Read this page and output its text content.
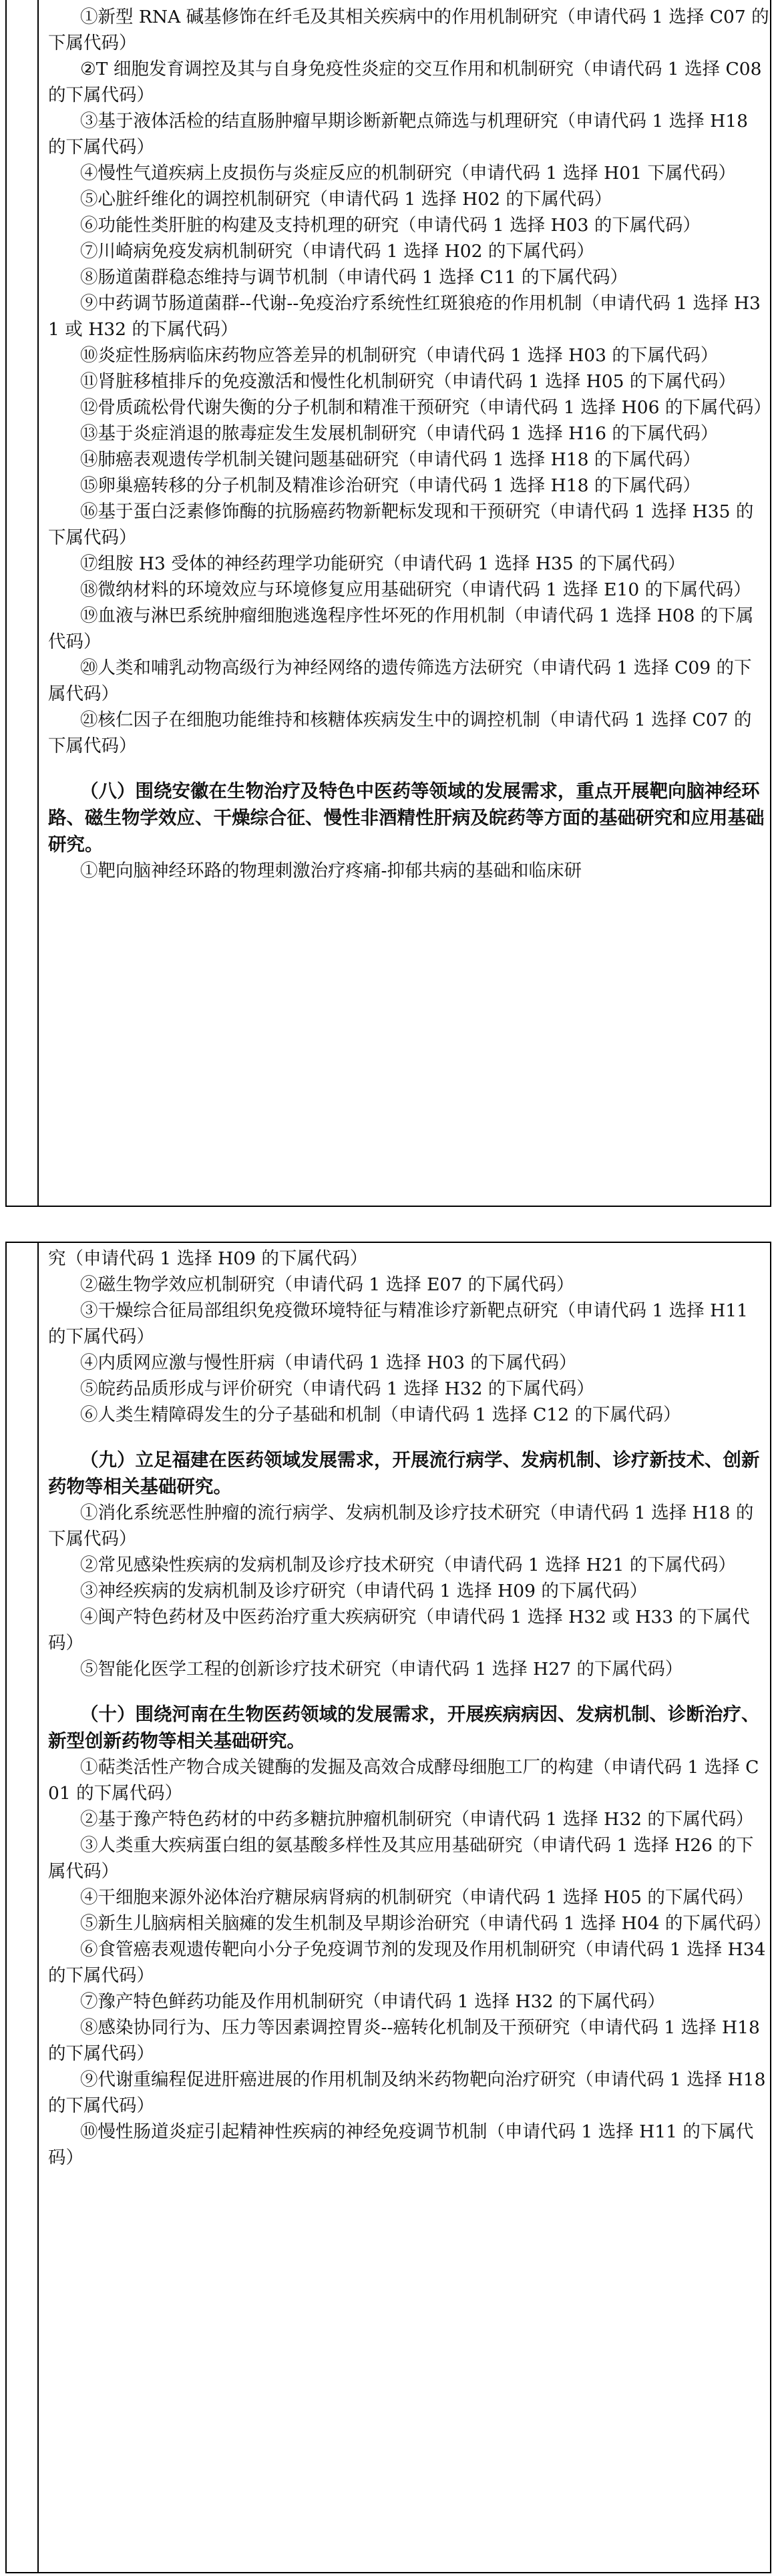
①新型 RNA 碱基修饰在纤毛及其相关疾病中的作用机制研究（申请代码 1 选择 C07 的下属代码）

②T 细胞发育调控及其与自身免疫性炎症的交互作用和机制研究（申请代码 1 选择 C08 的下属代码）

③基于液体活检的结直肠肿瘤早期诊断新靶点筛选与机理研究（申请代码 1 选择 H18 的下属代码）

④慢性气道疾病上皮损伤与炎症反应的机制研究（申请代码 1 选择 H01 下属代码）

⑤心脏纤维化的调控机制研究（申请代码 1 选择 H02 的下属代码）

⑥功能性类肝脏的构建及支持机理的研究（申请代码 1 选择 H03 的下属代码）

⑦川崎病免疫发病机制研究（申请代码 1 选择 H02 的下属代码）

⑧肠道菌群稳态维持与调节机制（申请代码 1 选择 C11 的下属代码）

⑨中药调节肠道菌群--代谢--免疫治疗系统性红斑狼疮的作用机制（申请代码 1 选择 H31 或 H32 的下属代码）

⑩炎症性肠病临床药物应答差异的机制研究（申请代码 1 选择 H03 的下属代码）

⑪肾脏移植排斥的免疫激活和慢性化机制研究（申请代码 1 选择 H05 的下属代码）

⑫骨质疏松骨代谢失衡的分子机制和精准干预研究（申请代码 1 选择 H06 的下属代码）

⑬基于炎症消退的脓毒症发生发展机制研究（申请代码 1 选择 H16 的下属代码）

⑭肺癌表观遗传学机制关键问题基础研究（申请代码 1 选择 H18 的下属代码）

⑮卵巢癌转移的分子机制及精准诊治研究（申请代码 1 选择 H18 的下属代码）

⑯基于蛋白泛素修饰酶的抗肠癌药物新靶标发现和干预研究（申请代码 1 选择 H35 的下属代码）

⑰组胺 H3 受体的神经药理学功能研究（申请代码 1 选择 H35 的下属代码）

⑱微纳材料的环境效应与环境修复应用基础研究（申请代码 1 选择 E10 的下属代码）

⑲血液与淋巴系统肿瘤细胞逃逸程序性坏死的作用机制（申请代码 1 选择 H08 的下属代码）

⑳人类和哺乳动物高级行为神经网络的遗传筛选方法研究（申请代码 1 选择 C09 的下属代码）

㉑核仁因子在细胞功能维持和核糖体疾病发生中的调控机制（申请代码 1 选择 C07 的下属代码）

（八）围绕安徽在生物治疗及特色中医药等领域的发展需求，重点开展靶向脑神经环路、磁生物学效应、干燥综合征、慢性非酒精性肝病及皖药等方面的基础研究和应用基础研究。

①靶向脑神经环路的物理刺激治疗疼痛-抑郁共病的基础和临床研

究（申请代码 1 选择 H09 的下属代码）

②磁生物学效应机制研究（申请代码 1 选择 E07 的下属代码）

③干燥综合征局部组织免疫微环境特征与精准诊疗新靶点研究（申请代码 1 选择 H11 的下属代码）

④内质网应激与慢性肝病（申请代码 1 选择 H03 的下属代码）

⑤皖药品质形成与评价研究（申请代码 1 选择 H32 的下属代码）

⑥人类生精障碍发生的分子基础和机制（申请代码 1 选择 C12 的下属代码）

（九）立足福建在医药领域发展需求，开展流行病学、发病机制、诊疗新技术、创新药物等相关基础研究。

①消化系统恶性肿瘤的流行病学、发病机制及诊疗技术研究（申请代码 1 选择 H18 的下属代码）

②常见感染性疾病的发病机制及诊疗技术研究（申请代码 1 选择 H21 的下属代码）

③神经疾病的发病机制及诊疗研究（申请代码 1 选择 H09 的下属代码）

④闽产特色药材及中医药治疗重大疾病研究（申请代码 1 选择 H32 或 H33 的下属代码）

⑤智能化医学工程的创新诊疗技术研究（申请代码 1 选择 H27 的下属代码）

（十）围绕河南在生物医药领域的发展需求，开展疾病病因、发病机制、诊断治疗、新型创新药物等相关基础研究。

①萜类活性产物合成关键酶的发掘及高效合成酵母细胞工厂的构建（申请代码 1 选择 C01 的下属代码）

②基于豫产特色药材的中药多糖抗肿瘤机制研究（申请代码 1 选择 H32 的下属代码）

③人类重大疾病蛋白组的氨基酸多样性及其应用基础研究（申请代码 1 选择 H26 的下属代码）

④干细胞来源外泌体治疗糖尿病肾病的机制研究（申请代码 1 选择 H05 的下属代码）

⑤新生儿脑病相关脑瘫的发生机制及早期诊治研究（申请代码 1 选择 H04 的下属代码）

⑥食管癌表观遗传靶向小分子免疫调节剂的发现及作用机制研究（申请代码 1 选择 H34 的下属代码）

⑦豫产特色鲜药功能及作用机制研究（申请代码 1 选择 H32 的下属代码）

⑧感染协同行为、压力等因素调控胃炎--癌转化机制及干预研究（申请代码 1 选择 H18 的下属代码）

⑨代谢重编程促进肝癌进展的作用机制及纳米药物靶向治疗研究（申请代码 1 选择 H18 的下属代码）

⑩慢性肠道炎症引起精神性疾病的神经免疫调节机制（申请代码 1 选择 H11 的下属代码）
